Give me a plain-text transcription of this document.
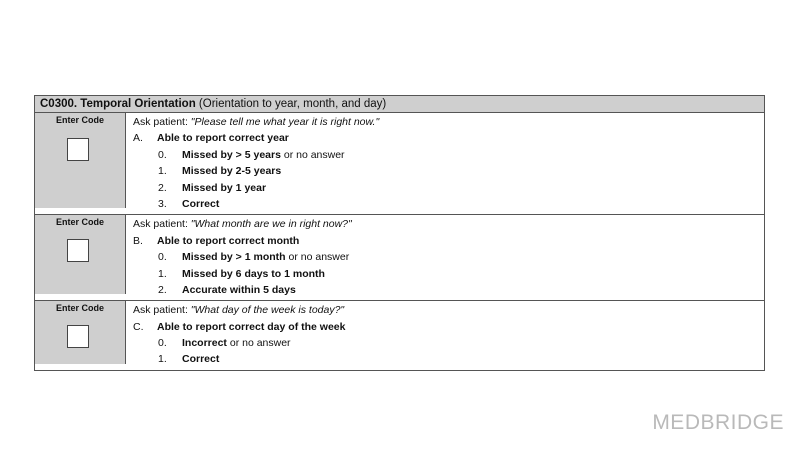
C0300. Temporal Orientation (Orientation to year, month, and day)
Enter Code	Ask patient: "Please tell me what year it is right now."
A. Able to report correct year
0. Missed by > 5 years or no answer
1. Missed by 2-5 years
2. Missed by 1 year
3. Correct
Enter Code	Ask patient: "What month are we in right now?"
B. Able to report correct month
0. Missed by > 1 month or no answer
1. Missed by 6 days to 1 month
2. Accurate within 5 days
Enter Code	Ask patient: "What day of the week is today?"
C. Able to report correct day of the week
0. Incorrect or no answer
1. Correct
MEDBRIDGE
